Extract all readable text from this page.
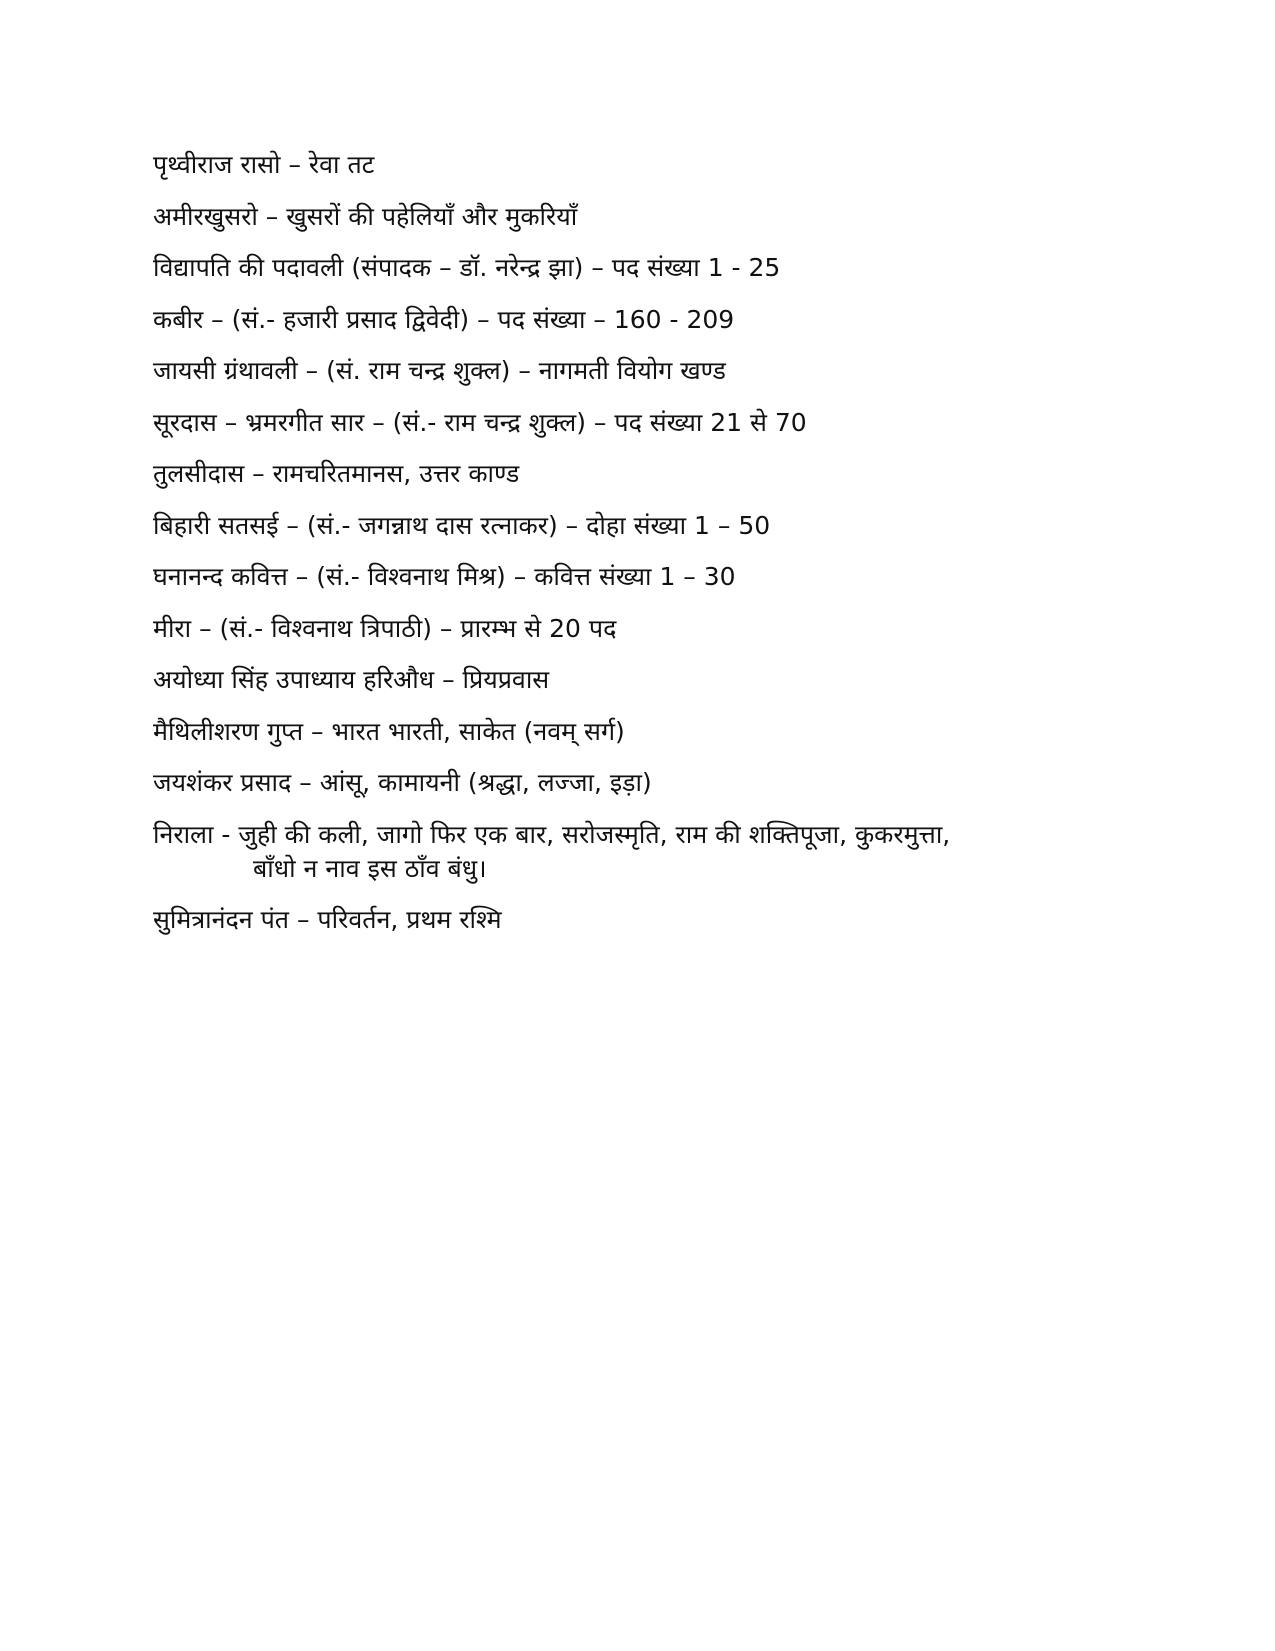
पृथ्वीराज रासो – रेवा तट
अमीरखुसरो – खुसरों की पहेलियाँ और मुकरियाँ
विद्यापति की पदावली (संपादक – डॉ. नरेन्द्र झा) – पद संख्या 1 - 25
कबीर – (सं.- हजारी प्रसाद द्विवेदी) – पद संख्या – 160 - 209
जायसी ग्रंथावली – (सं. राम चन्द्र शुक्ल) – नागमती वियोग खण्ड
सूरदास – भ्रमरगीत सार – (सं.- राम चन्द्र शुक्ल) – पद संख्या 21 से 70
तुलसीदास – रामचरितमानस, उत्तर काण्ड
बिहारी सतसई – (सं.- जगन्नाथ दास रत्नाकर) – दोहा संख्या 1 – 50
घनानन्द कवित्त – (सं.- विश्वनाथ मिश्र) – कवित्त संख्या 1 – 30
मीरा – (सं.- विश्वनाथ त्रिपाठी) – प्रारम्भ से 20 पद
अयोध्या सिंह उपाध्याय हरिऔध – प्रियप्रवास
मैथिलीशरण गुप्त – भारत भारती, साकेत (नवम् सर्ग)
जयशंकर प्रसाद – आंसू, कामायनी (श्रद्धा, लज्जा, इड़ा)
निराला - जुही की कली, जागो फिर एक बार, सरोजस्मृति, राम की शक्तिपूजा, कुकरमुत्ता,
बाँधो न नाव इस ठाँव बंधु।
सुमित्रानंदन पंत – परिवर्तन, प्रथम रश्मि
